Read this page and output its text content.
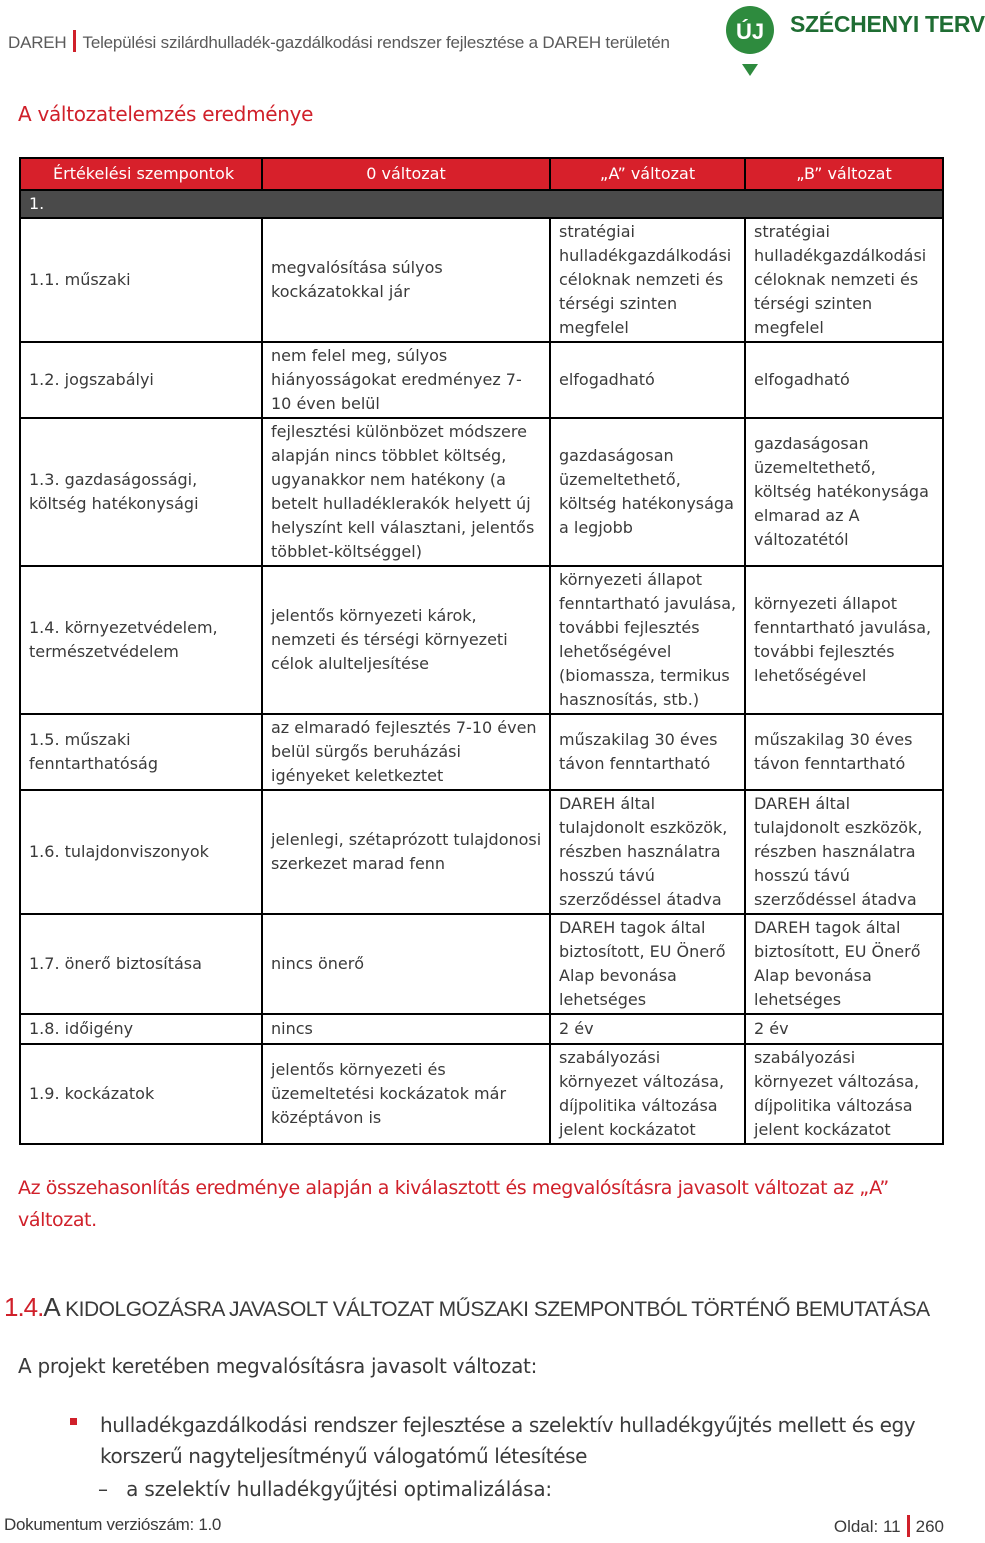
DAREH Települési szilárdhulladék-gazdálkodási rendszer fejlesztése a DAREH területén	ÚJ SZÉCHENYI TERV
A változatelemzés eredménye
Értékelési szempontok	0 változat	„A” változat	„B” változat
1.			
1.1. műszaki	megvalósítása súlyos kockázatokkal jár	stratégiai hulladékgazdálkodási céloknak nemzeti és térségi szinten megfelel	stratégiai hulladékgazdálkodási céloknak nemzeti és térségi szinten megfelel
1.2. jogszabályi	nem felel meg, súlyos hiányosságokat eredményez 7-10 éven belül	elfogadható	elfogadható
1.3. gazdaságossági, költség hatékonysági	fejlesztési különbözet módszere alapján nincs többlet költség, ugyanakkor nem hatékony (a betelt hulladéklerakók helyett új helyszínt kell választani, jelentős többlet-költséggel)	gazdaságosan üzemeltethető, költség hatékonysága a legjobb	gazdaságosan üzemeltethető, költség hatékonysága elmarad az A változatétól
1.4. környezetvédelem, természetvédelem	jelentős környezeti károk, nemzeti és térségi környezeti célok alulteljesítése	környezeti állapot fenntartható javulása, további fejlesztés lehetőségével (biomassza, termikus hasznosítás, stb.)	környezeti állapot fenntartható javulása, további fejlesztés lehetőségével
1.5. műszaki fenntarthatóság	az elmaradó fejlesztés 7-10 éven belül sürgős beruházási igényeket keletkeztet	műszakilag 30 éves távon fenntartható	műszakilag 30 éves távon fenntartható
1.6. tulajdonviszonyok	jelenlegi, szétaprózott tulajdonosi szerkezet marad fenn	DAREH által tulajdonolt eszközök, részben használatra hosszú távú szerződéssel átadva	DAREH által tulajdonolt eszközök, részben használatra hosszú távú szerződéssel átadva
1.7. önerő biztosítása	nincs önerő	DAREH tagok által biztosított, EU Önerő Alap bevonása lehetséges	DAREH tagok által biztosított, EU Önerő Alap bevonása lehetséges
1.8. időigény	nincs	2 év	2 év
1.9. kockázatok	jelentős környezeti és üzemeltetési kockázatok már középtávon is	szabályozási környezet változása, díjpolitika változása jelent kockázatot	szabályozási környezet változása, díjpolitika változása jelent kockázatot
Az összehasonlítás eredménye alapján a kiválasztott és megvalósításra javasolt változat az „A” változat.
1.4.A KIDOLGOZÁSRA JAVASOLT VÁLTOZAT MŰSZAKI SZEMPONTBÓL TÖRTÉNŐ BEMUTATÁSA
A projekt keretében megvalósításra javasolt változat:
hulladékgazdálkodási rendszer fejlesztése a szelektív hulladékgyűjtés mellett és egy korszerű nagyteljesítményű válogatómű létesítése
– a szelektív hulladékgyűjtési optimalizálása:
Dokumentum verziószám: 1.0	Oldal: 11 260
